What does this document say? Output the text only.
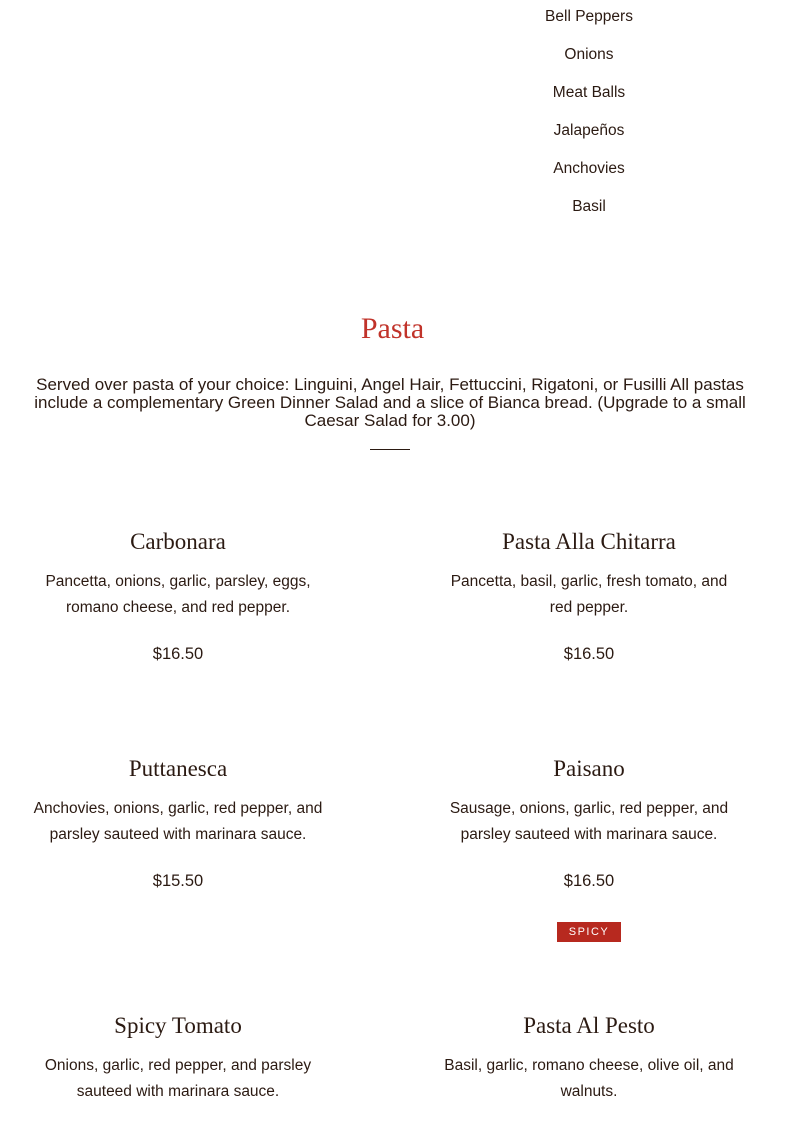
Bell Peppers
Onions
Meat Balls
Jalapeños
Anchovies
Basil
Pasta

Served over pasta of your choice: Linguini, Angel Hair, Fettuccini, Rigatoni, or Fusilli All pastas include a complementary Green Dinner Salad and a slice of Bianca bread. (Upgrade to a small Caesar Salad for 3.00)

Carbonara

Pancetta, onions, garlic, parsley, eggs, romano cheese, and red pepper.

$16.50

Pasta Alla Chitarra

Pancetta, basil, garlic, fresh tomato, and red pepper.

$16.50

Puttanesca

Anchovies, onions, garlic, red pepper, and parsley sauteed with marinara sauce.

$15.50

Paisano

Sausage, onions, garlic, red pepper, and parsley sauteed with marinara sauce.

$16.50

SPICY
Spicy Tomato

Onions, garlic, red pepper, and parsley sauteed with marinara sauce.

Pasta Al Pesto

Basil, garlic, romano cheese, olive oil, and walnuts.
